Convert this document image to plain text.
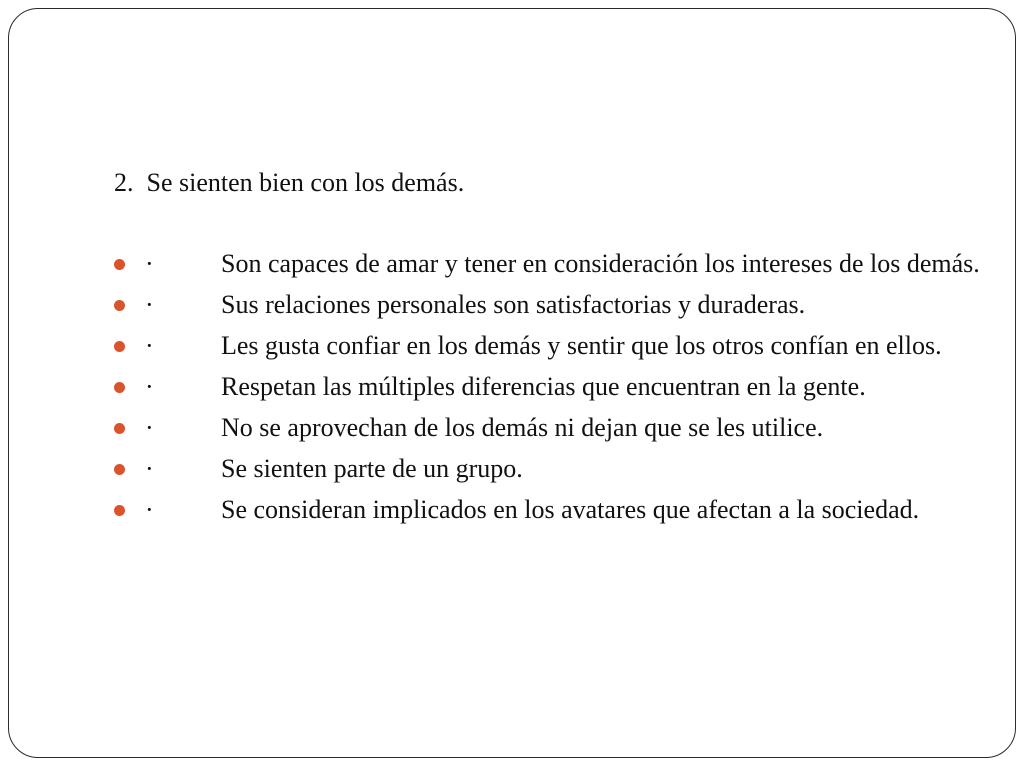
2.  Se sienten bien con los demás.
·	Son capaces de amar y tener en consideración los intereses de los demás.
·	Sus relaciones personales son satisfactorias y duraderas.
·	Les gusta confiar en los demás y sentir que los otros confían en ellos.
·	Respetan las múltiples diferencias que encuentran en la gente.
·	No se aprovechan de los demás ni dejan que se les utilice.
·	Se sienten parte de un grupo.
·	Se consideran implicados en los avatares que afectan a la sociedad.
